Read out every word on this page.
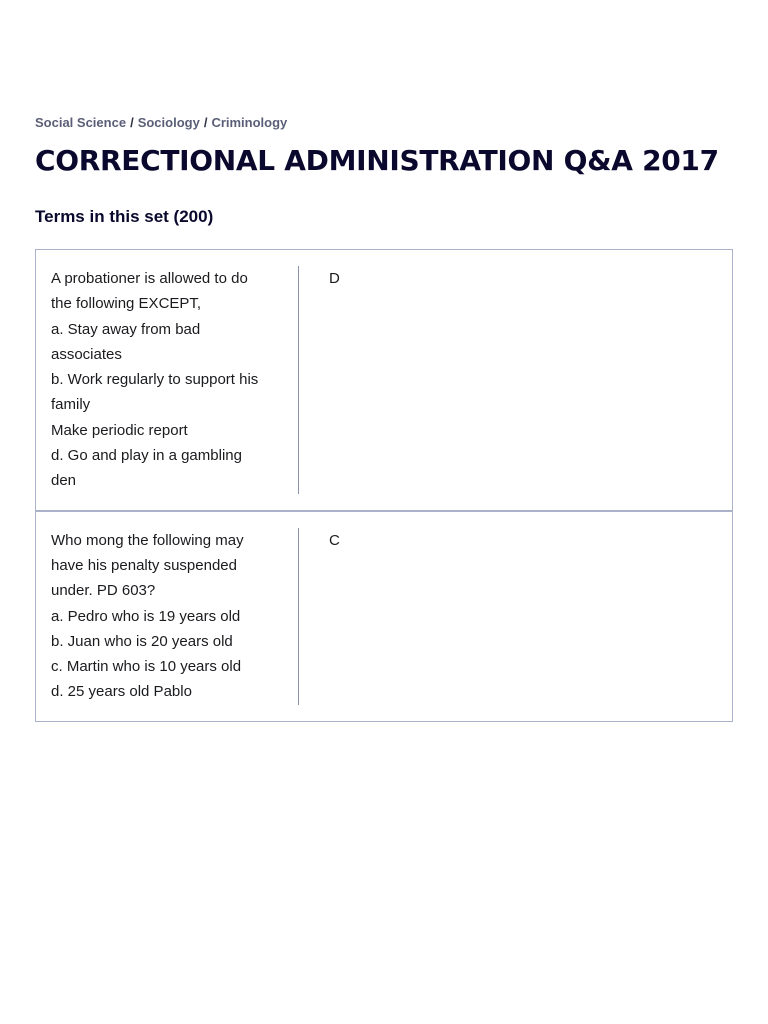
Social Science / Sociology / Criminology
CORRECTIONAL ADMINISTRATION Q&A 2017
Terms in this set (200)
A probationer is allowed to do
the following EXCEPT,
a. Stay away from bad
associates
b. Work regularly to support his
family
Make periodic report
d. Go and play in a gambling
den
D
Who mong the following may
have his penalty suspended
under. PD 603?
a. Pedro who is 19 years old
b. Juan who is 20 years old
c. Martin who is 10 years old
d. 25 years old Pablo
C
